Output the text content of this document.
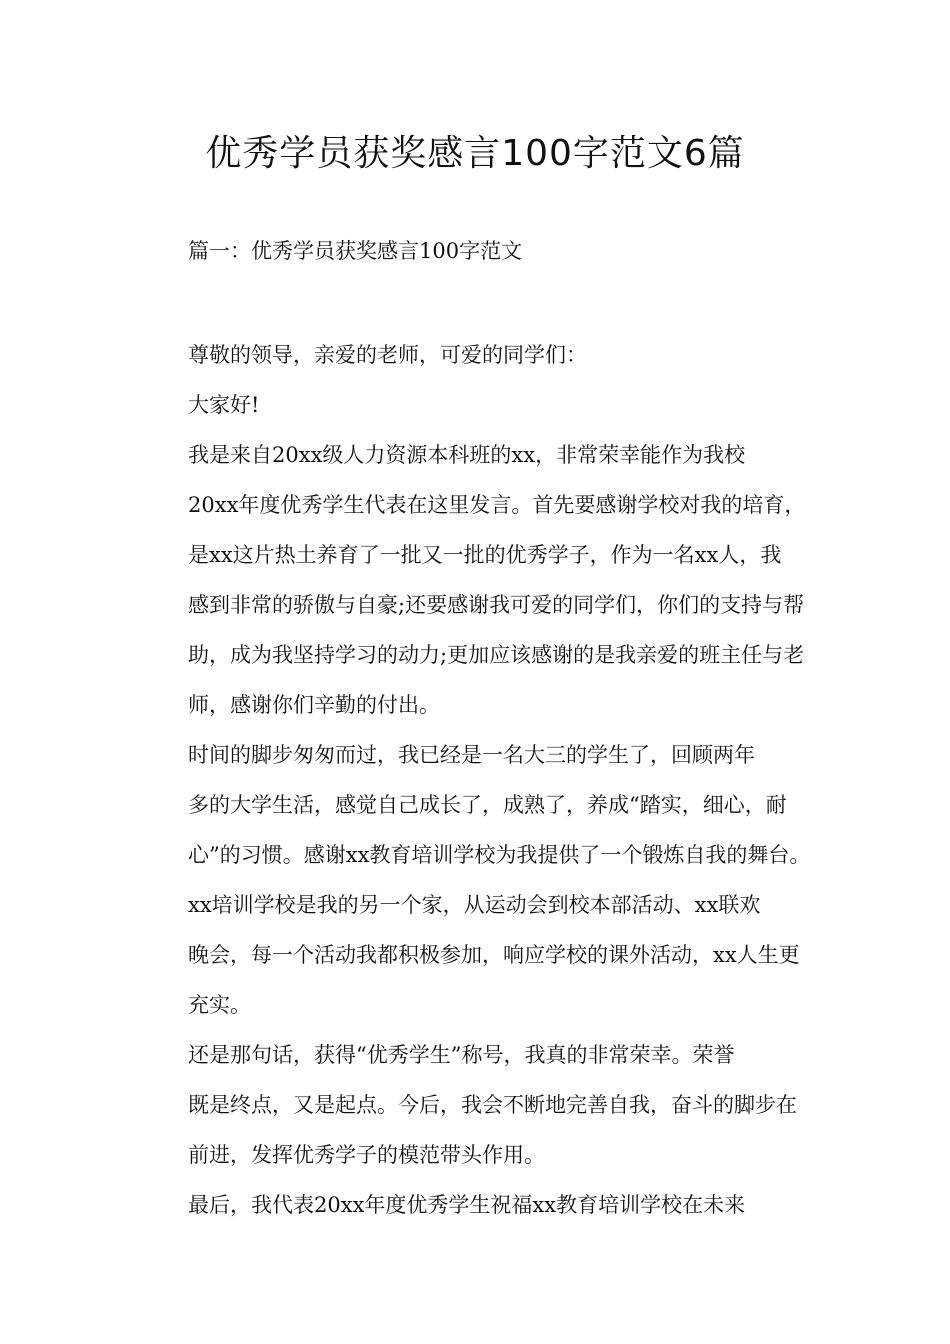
优秀学员获奖感言100字范文6篇

篇一：优秀学员获奖感言100字范文

尊敬的领导，亲爱的老师，可爱的同学们：

大家好!

我是来自20xx级人力资源本科班的xx，非常荣幸能作为我校
20xx年度优秀学生代表在这里发言。首先要感谢学校对我的培育，
是xx这片热土养育了一批又一批的优秀学子，作为一名xx人，我
感到非常的骄傲与自豪;还要感谢我可爱的同学们，你们的支持与帮
助，成为我坚持学习的动力;更加应该感谢的是我亲爱的班主任与老
师，感谢你们辛勤的付出。

时间的脚步匆匆而过，我已经是一名大三的学生了，回顾两年
多的大学生活，感觉自己成长了，成熟了，养成“踏实，细心，耐
心”的习惯。感谢xx教育培训学校为我提供了一个锻炼自我的舞台。

xx培训学校是我的另一个家，从运动会到校本部活动、xx联欢
晚会，每一个活动我都积极参加，响应学校的课外活动，xx人生更
充实。

还是那句话，获得“优秀学生”称号，我真的非常荣幸。荣誉
既是终点，又是起点。今后，我会不断地完善自我，奋斗的脚步在
前进，发挥优秀学子的模范带头作用。

最后，我代表20xx年度优秀学生祝福xx教育培训学校在未来
